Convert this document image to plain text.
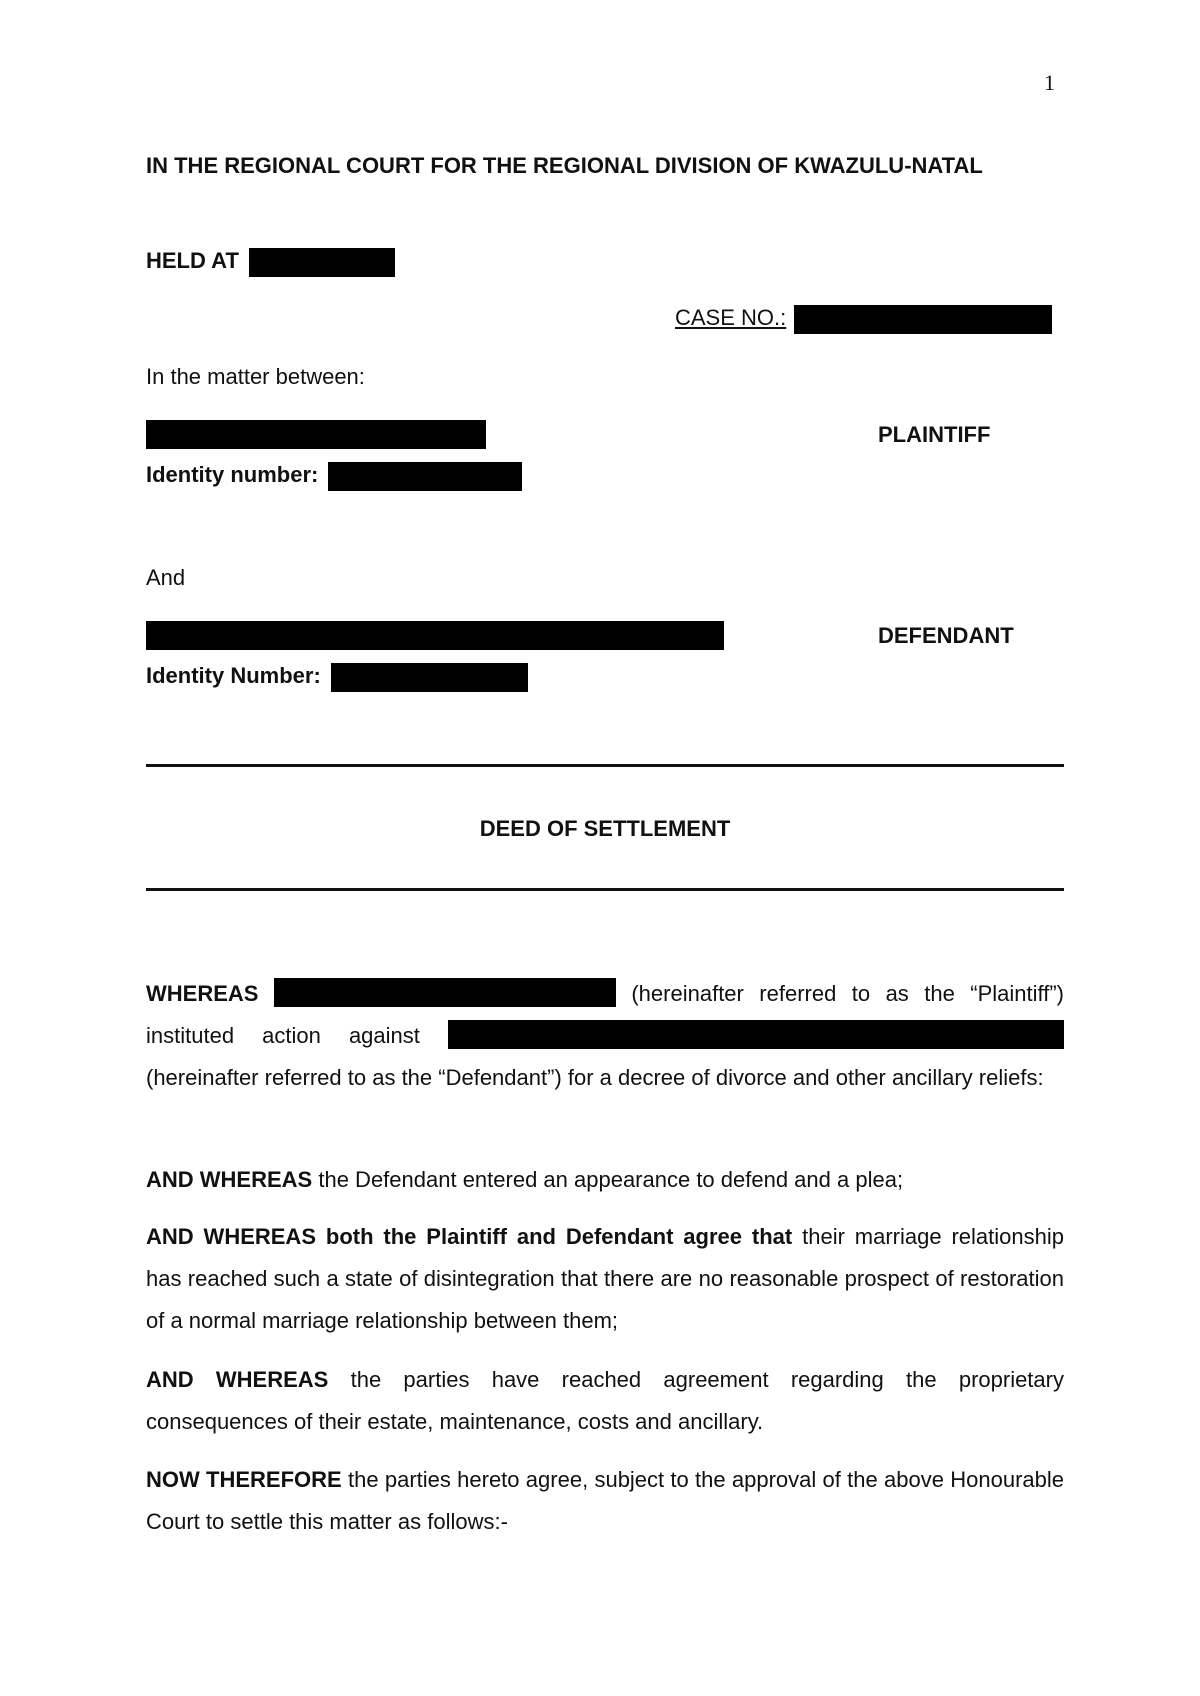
1
IN THE REGIONAL COURT FOR THE REGIONAL DIVISION OF KWAZULU-NATAL
HELD AT
CASE NO.:
In the matter between:
PLAINTIFF
Identity number:
And
DEFENDANT
Identity Number:
DEED OF SETTLEMENT
WHEREAS	(hereinafter referred to as the “Plaintiff”) instituted action against  (hereinafter referred to as the “Defendant”) for a decree of divorce and other ancillary reliefs:
AND WHEREAS the Defendant entered an appearance to defend and a plea;
AND WHEREAS both the Plaintiff and Defendant agree that their marriage relationship has reached such a state of disintegration that there are no reasonable prospect of restoration of a normal marriage relationship between them;
AND WHEREAS the parties have reached agreement regarding the proprietary consequences of their estate, maintenance, costs and ancillary.
NOW THEREFORE the parties hereto agree, subject to the approval of the above Honourable Court to settle this matter as follows:-
